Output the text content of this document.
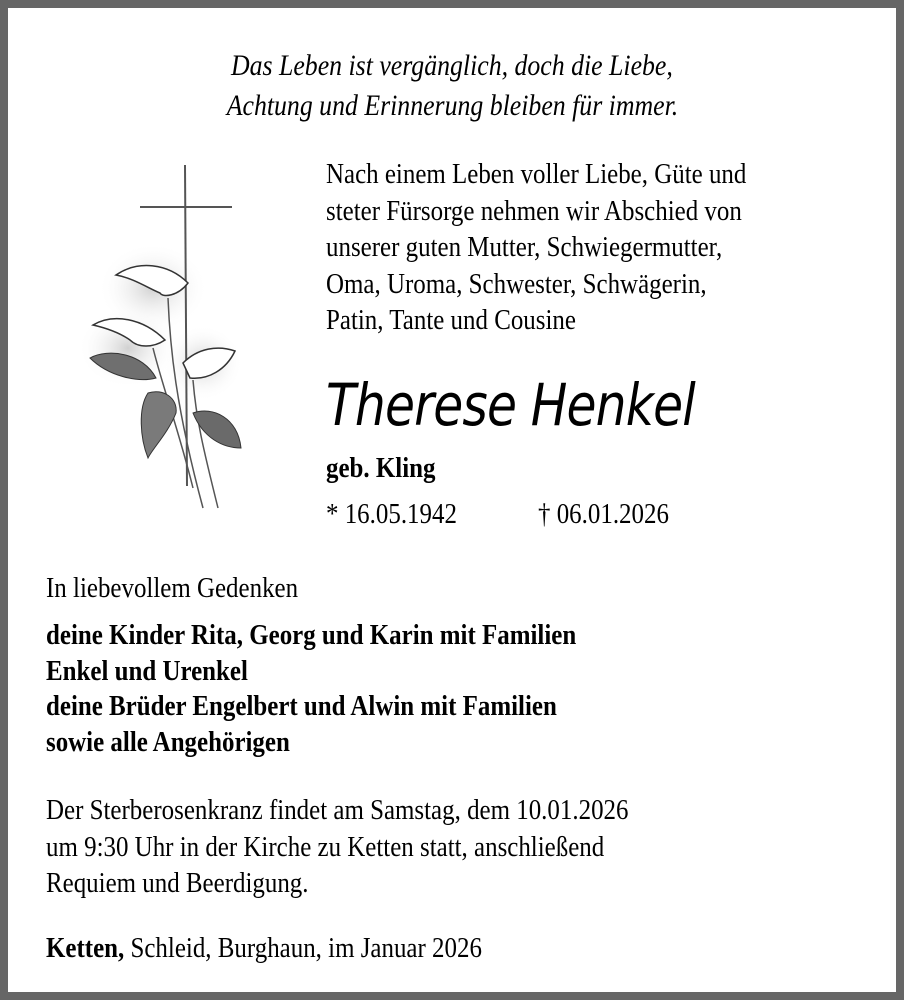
Das Leben ist vergänglich, doch die Liebe,
Achtung und Erinnerung bleiben für immer.
Nach einem Leben voller Liebe, Güte und
steter Fürsorge nehmen wir Abschied von
unserer guten Mutter, Schwiegermutter,
Oma, Uroma, Schwester, Schwägerin,
Patin, Tante und Cousine
Therese Henkel
geb. Kling
* 16.05.1942	† 06.01.2026
In liebevollem Gedenken
deine Kinder Rita, Georg und Karin mit Familien
Enkel und Urenkel
deine Brüder Engelbert und Alwin mit Familien
sowie alle Angehörigen
Der Sterberosenkranz findet am Samstag, dem 10.01.2026
um 9:30 Uhr in der Kirche zu Ketten statt, anschließend
Requiem und Beerdigung.
Ketten, Schleid, Burghaun, im Januar 2026
